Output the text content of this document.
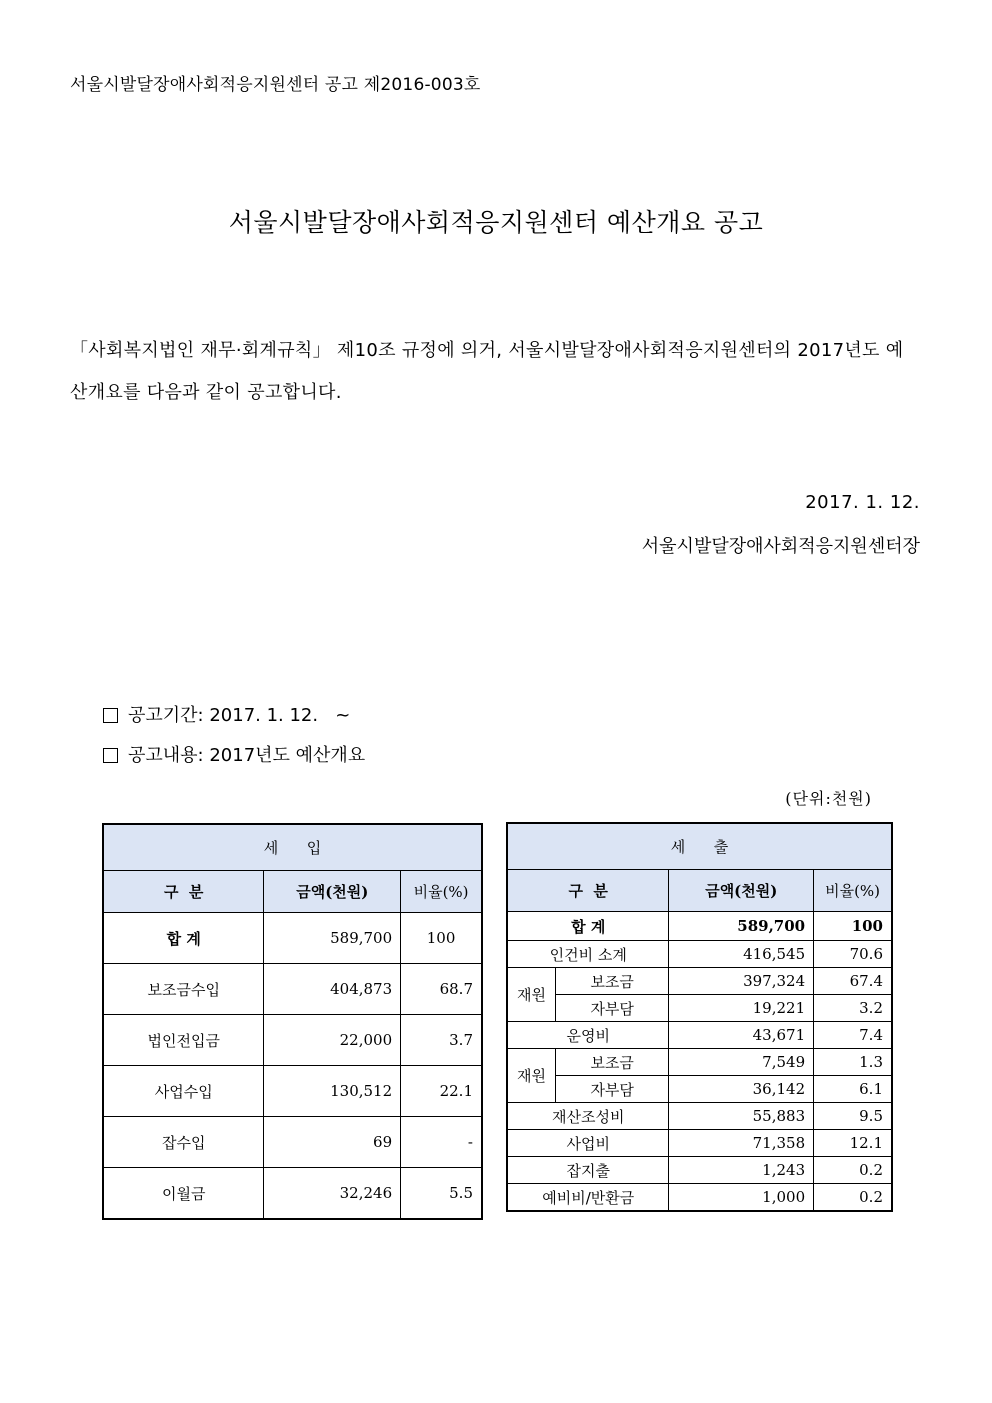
서울시발달장애사회적응지원센터 공고 제2016-003호
서울시발달장애사회적응지원센터 예산개요 공고
「사회복지법인 재무·회계규칙」 제10조 규정에 의거, 서울시발달장애사회적응지원센터의 2017년도 예산개요를 다음과 같이 공고합니다.
2017. 1. 12.
서울시발달장애사회적응지원센터장
공고기간: 2017. 1. 12.   ~
공고내용: 2017년도 예산개요
(단위:천원)
세      입		
구  분	금액(천원)	비율(%)
합 계	589,700	100
보조금수입	404,873	68.7
법인전입금	22,000	3.7
사업수입	130,512	22.1
잡수입	69	-
이월금	32,246	5.5
세      출			
구  분		금액(천원)	비율(%)
합 계		589,700	100
인건비 소계		416,545	70.6
재원	보조금	397,324	67.4
	자부담	19,221	3.2
운영비		43,671	7.4
재원	보조금	7,549	1.3
	자부담	36,142	6.1
재산조성비		55,883	9.5
사업비		71,358	12.1
잡지출		1,243	0.2
예비비/반환금		1,000	0.2
